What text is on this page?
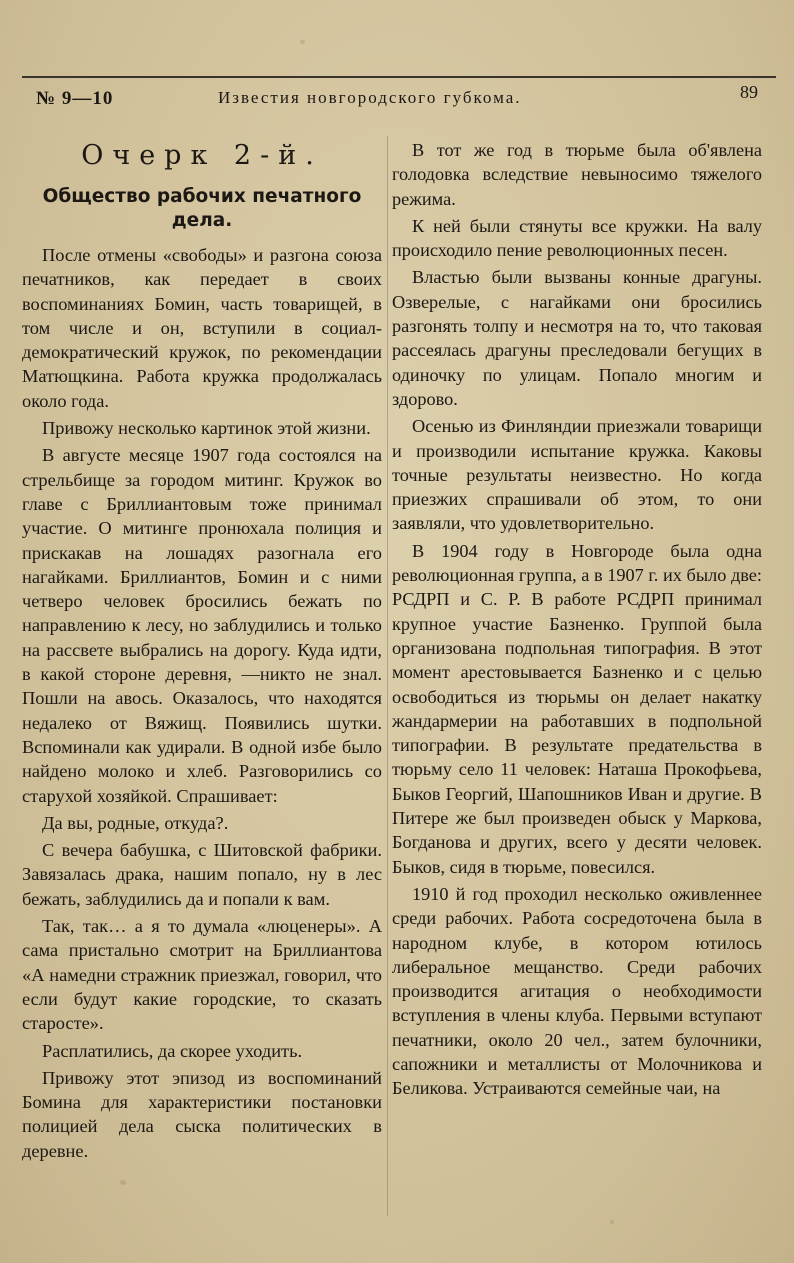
№ 9—10	Известия новгородского губкома.	89
Очерк 2-й.
Общество рабочих печатного дела.

После отмены «свободы» и разгона союза печатников, как передает в своих воспоминаниях Бомин, часть товарищей, в том числе и он, вступили в социал-демократический кружок, по рекомендации Матющкина. Работа кружка продолжалась около года.

Привожу несколько картинок этой жизни.

В августе месяце 1907 года состоялся на стрельбище за городом митинг. Кружок во главе с Бриллиантовым тоже принимал участие. О митинге пронюхала полиция и прискакав на лошадях разогнала его нагайками. Бриллиантов, Бомин и с ними четверо человек бросились бежать по направлению к лесу, но заблудились и только на рассвете выбрались на дорогу. Куда идти, в какой стороне деревня, —никто не знал. Пошли на авось. Оказалось, что находятся недалеко от Вяжищ. Появились шутки. Вспоминали как удирали. В одной избе было найдено молоко и хлеб. Разговорились со старухой хозяйкой. Спрашивает:

Да вы, родные, откуда?.

С вечера бабушка, с Шитовской фабрики. Завязалась драка, нашим попало, ну в лес бежать, заблудились да и попали к вам.

Так, так… а я то думала «люценеры». А сама пристально смотрит на Бриллиантова «А намедни стражник приезжал, говорил, что если будут какие городские, то сказать старосте».

Расплатились, да скорее уходить.

Привожу этот эпизод из воспоминаний Бомина для характеристики постановки полицией дела сыска политических в деревне.

В тот же год в тюрьме была об'явлена голодовка вследствие невыносимо тяжелого режима.

К ней были стянуты все кружки. На валу происходило пение революционных песен.

Властью были вызваны конные драгуны. Озверелые, с нагайками они бросились разгонять толпу и несмотря на то, что таковая рассеялась драгуны преследовали бегущих в одиночку по улицам. Попало многим и здорово.

Осенью из Финляндии приезжали товарищи и производили испытание кружка. Каковы точные результаты неизвестно. Но когда приезжих спрашивали об этом, то они заявляли, что удовлетворительно.

В 1904 году в Новгороде была одна революционная группа, а в 1907 г. их было две: РСДРП и С. Р. В работе РСДРП принимал крупное участие Базненко. Группой была организована подпольная типография. В этот момент арестовывается Базненко и с целью освободиться из тюрьмы он делает накатку жандармерии на работавших в подпольной типографии. В результате предательства в тюрьму село 11 человек: Наташа Прокофьева, Быков Георгий, Шапошников Иван и другие. В Питере же был произведен обыск у Маркова, Богданова и других, всего у десяти человек. Быков, сидя в тюрьме, повесился.

1910 й год проходил несколько оживленнее среди рабочих. Работа сосредоточена была в народном клубе, в котором ютилось либеральное мещанство. Среди рабочих производится агитация о необходимости вступления в члены клуба. Первыми вступают печатники, около 20 чел., затем булочники, сапожники и металлисты от Молочникова и Беликова. Устраиваются семейные чаи, на
